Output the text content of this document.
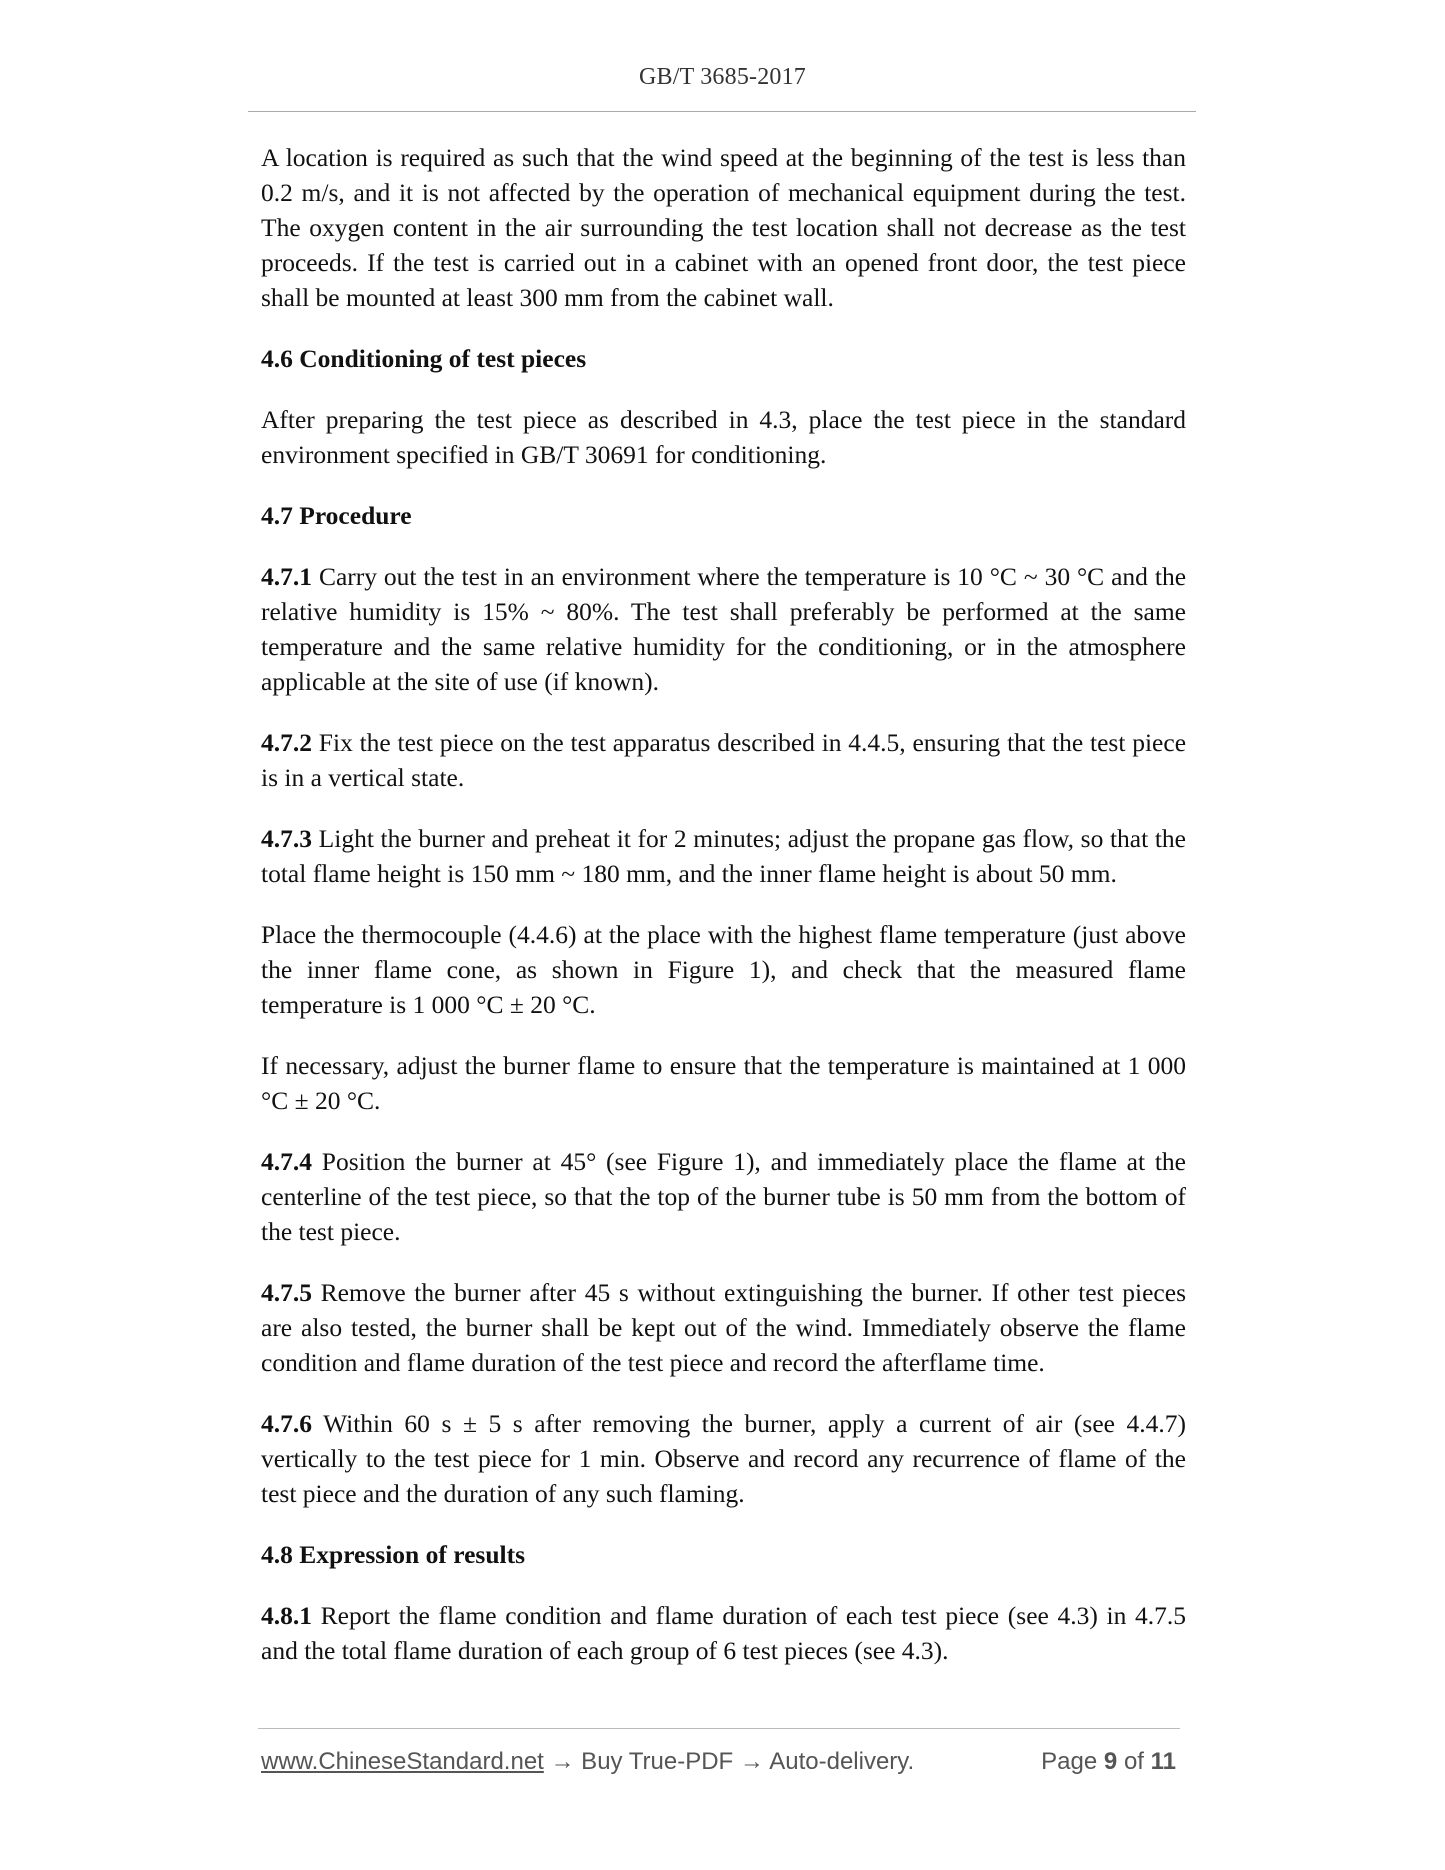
GB/T 3685-2017

A location is required as such that the wind speed at the beginning of the test is less than 0.2 m/s, and it is not affected by the operation of mechanical equipment during the test. The oxygen content in the air surrounding the test location shall not decrease as the test proceeds. If the test is carried out in a cabinet with an opened front door, the test piece shall be mounted at least 300 mm from the cabinet wall.

4.6 Conditioning of test pieces

After preparing the test piece as described in 4.3, place the test piece in the standard environment specified in GB/T 30691 for conditioning.

4.7 Procedure

4.7.1 Carry out the test in an environment where the temperature is 10 °C ~ 30 °C and the relative humidity is 15% ~ 80%. The test shall preferably be performed at the same temperature and the same relative humidity for the conditioning, or in the atmosphere applicable at the site of use (if known).

4.7.2 Fix the test piece on the test apparatus described in 4.4.5, ensuring that the test piece is in a vertical state.

4.7.3 Light the burner and preheat it for 2 minutes; adjust the propane gas flow, so that the total flame height is 150 mm ~ 180 mm, and the inner flame height is about 50 mm.

Place the thermocouple (4.4.6) at the place with the highest flame temperature (just above the inner flame cone, as shown in Figure 1), and check that the measured flame temperature is 1 000 °C ± 20 °C.

If necessary, adjust the burner flame to ensure that the temperature is maintained at 1 000 °C ± 20 °C.

4.7.4 Position the burner at 45° (see Figure 1), and immediately place the flame at the centerline of the test piece, so that the top of the burner tube is 50 mm from the bottom of the test piece.

4.7.5 Remove the burner after 45 s without extinguishing the burner. If other test pieces are also tested, the burner shall be kept out of the wind. Immediately observe the flame condition and flame duration of the test piece and record the afterflame time.

4.7.6 Within 60 s ± 5 s after removing the burner, apply a current of air (see 4.4.7) vertically to the test piece for 1 min. Observe and record any recurrence of flame of the test piece and the duration of any such flaming.

4.8 Expression of results

4.8.1 Report the flame condition and flame duration of each test piece (see 4.3) in 4.7.5 and the total flame duration of each group of 6 test pieces (see 4.3).

www.ChineseStandard.net → Buy True-PDF → Auto-delivery.	Page 9 of 11
